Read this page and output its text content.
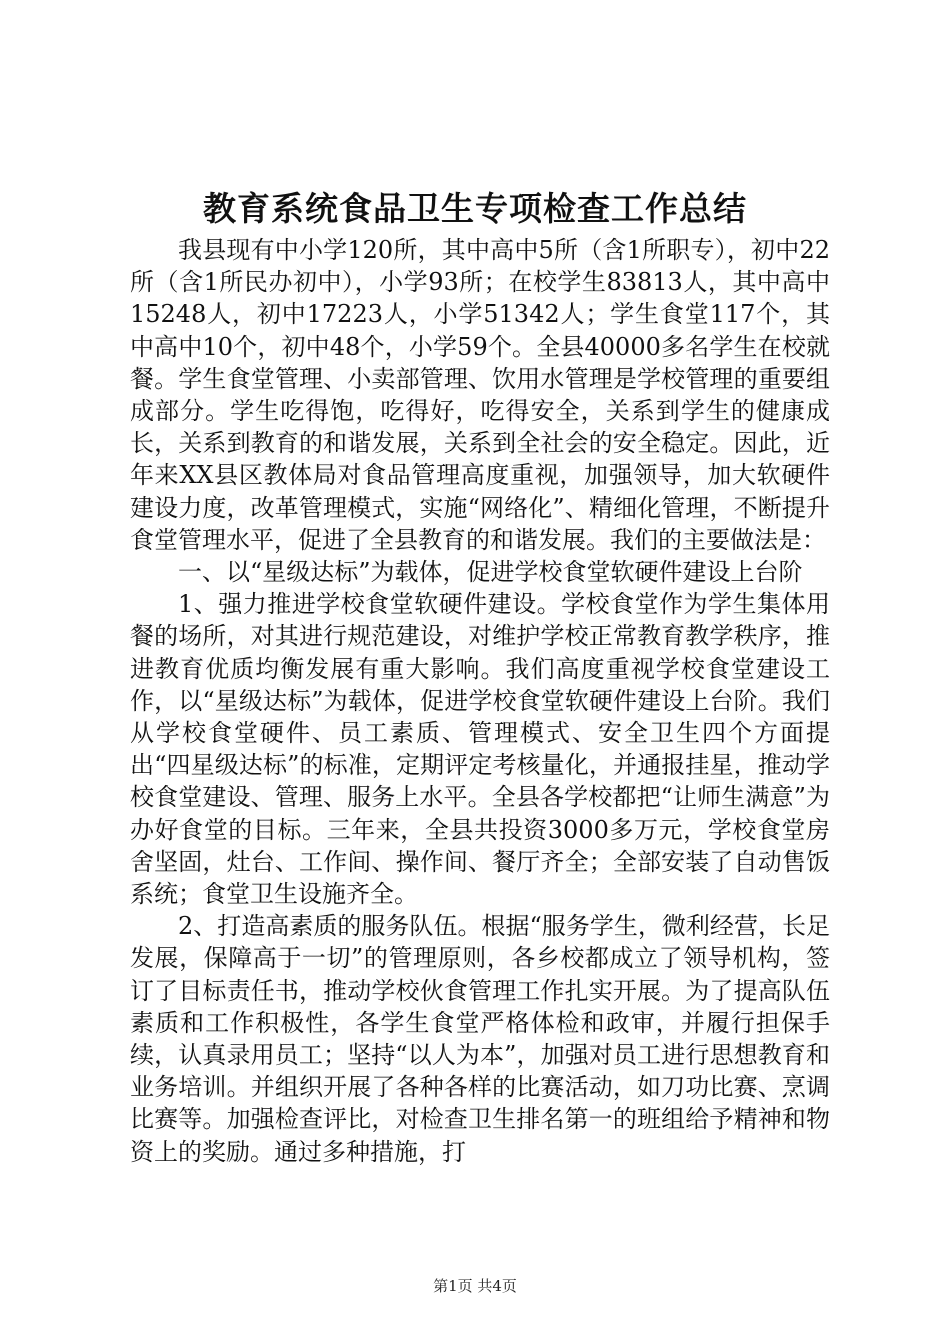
教育系统食品卫生专项检查工作总结

我县现有中小学120所，其中高中5所（含1所职专），初中22所（含1所民办初中），小学93所；在校学生83813人，其中高中15248人，初中17223人，小学51342人；学生食堂117个，其中高中10个，初中48个，小学59个。全县40000多名学生在校就餐。学生食堂管理、小卖部管理、饮用水管理是学校管理的重要组成部分。学生吃得饱，吃得好，吃得安全，关系到学生的健康成长，关系到教育的和谐发展，关系到全社会的安全稳定。因此，近年来XX县区教体局对食品管理高度重视，加强领导，加大软硬件建设力度，改革管理模式，实施“网络化”、精细化管理，不断提升食堂管理水平，促进了全县教育的和谐发展。我们的主要做法是：

一、以“星级达标”为载体，促进学校食堂软硬件建设上台阶

1、强力推进学校食堂软硬件建设。学校食堂作为学生集体用餐的场所，对其进行规范建设，对维护学校正常教育教学秩序，推进教育优质均衡发展有重大影响。我们高度重视学校食堂建设工作，以“星级达标”为载体，促进学校食堂软硬件建设上台阶。我们从学校食堂硬件、员工素质、管理模式、安全卫生四个方面提出“四星级达标”的标准，定期评定考核量化，并通报挂星，推动学校食堂建设、管理、服务上水平。全县各学校都把“让师生满意”为办好食堂的目标。三年来，全县共投资3000多万元，学校食堂房舍坚固，灶台、工作间、操作间、餐厅齐全；全部安装了自动售饭系统；食堂卫生设施齐全。

2、打造高素质的服务队伍。根据“服务学生，微利经营，长足发展，保障高于一切”的管理原则，各乡校都成立了领导机构，签订了目标责任书，推动学校伙食管理工作扎实开展。为了提高队伍素质和工作积极性，各学生食堂严格体检和政审，并履行担保手续，认真录用员工；坚持“以人为本”，加强对员工进行思想教育和业务培训。并组织开展了各种各样的比赛活动，如刀功比赛、烹调比赛等。加强检查评比，对检查卫生排名第一的班组给予精神和物资上的奖励。通过多种措施，打

第1页 共4页
